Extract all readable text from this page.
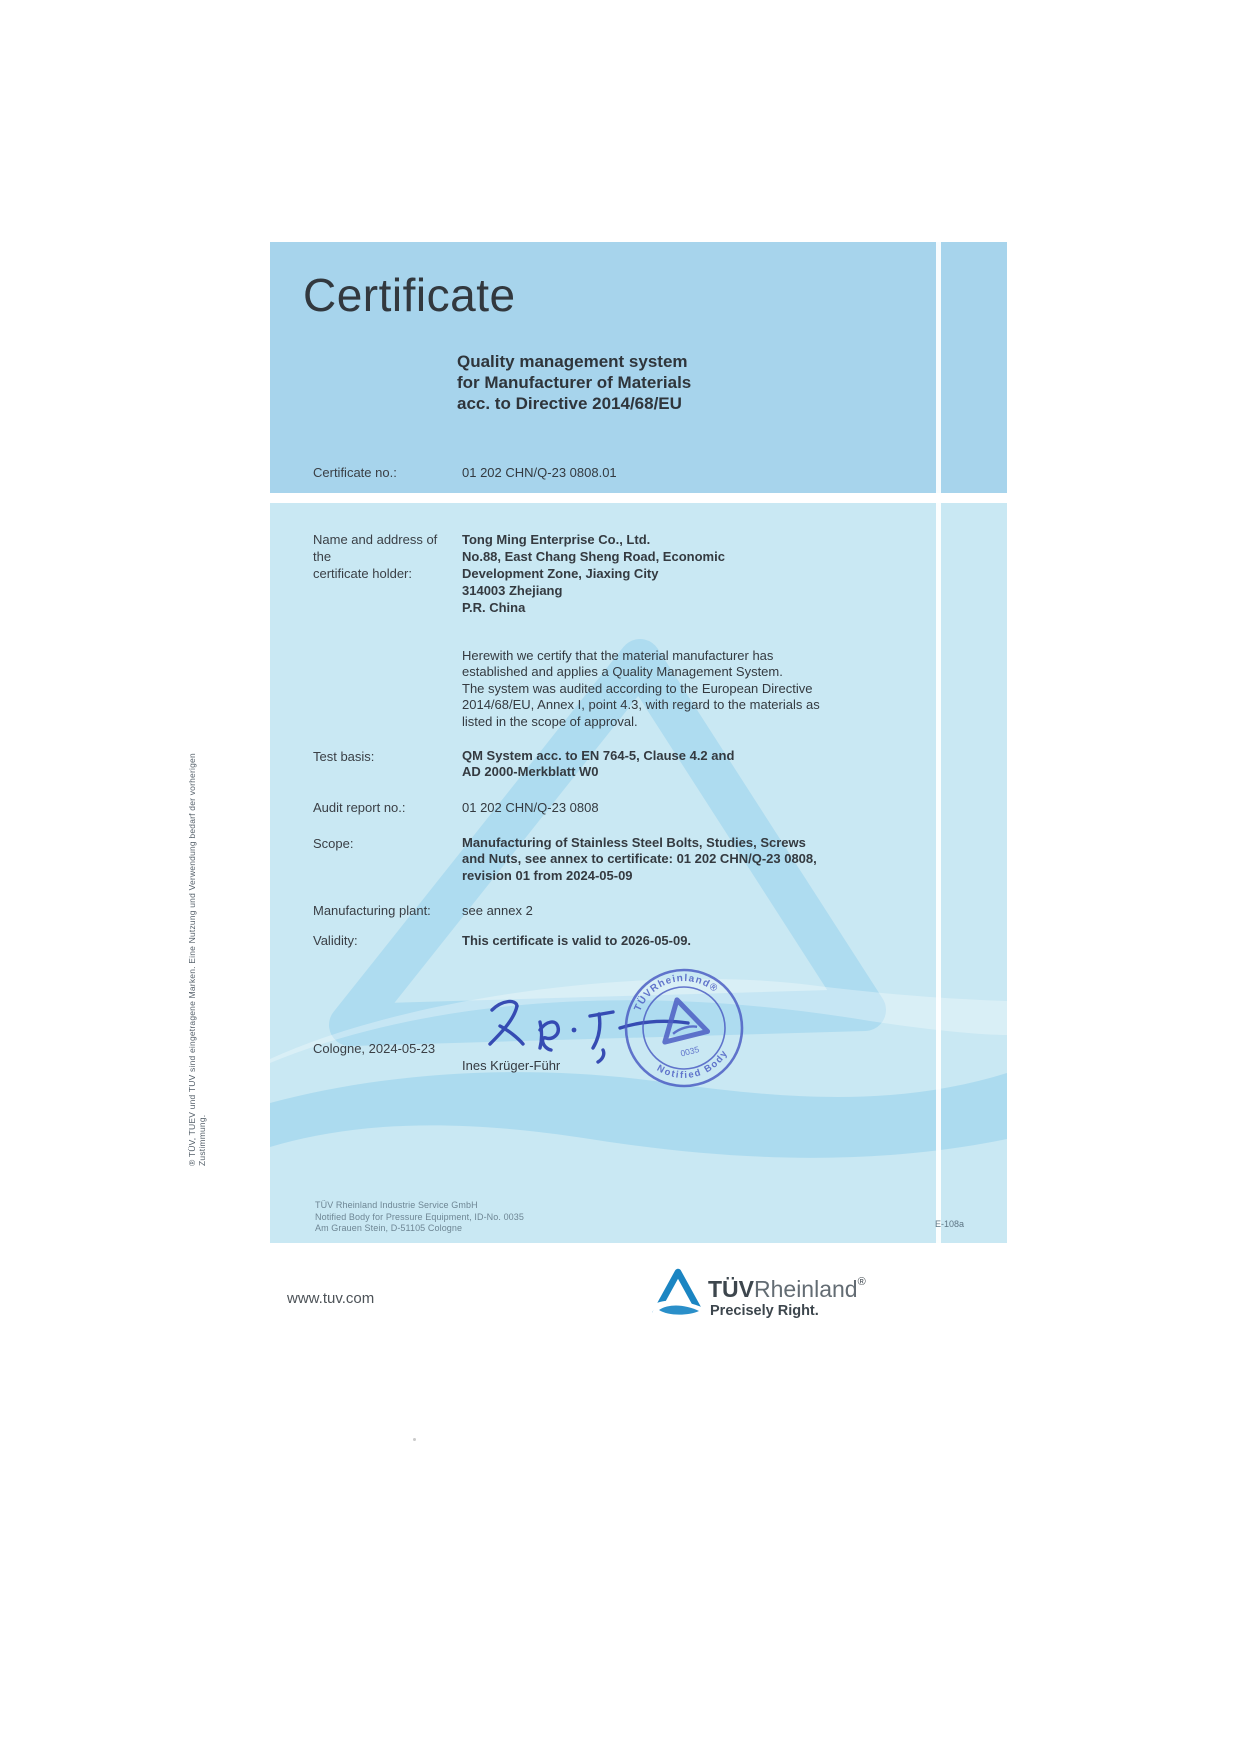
Certificate
Quality management system
for Manufacturer of Materials
acc. to Directive 2014/68/EU
Certificate no.:	01 202 CHN/Q-23 0808.01
Name and address of the
certificate holder:
Tong Ming Enterprise Co., Ltd.
No.88, East Chang Sheng Road, Economic
Development Zone, Jiaxing City
314003 Zhejiang
P.R. China
Herewith we certify that the material manufacturer has
established and applies a Quality Management System.
The system was audited according to the European Directive
2014/68/EU, Annex I, point 4.3, with regard to the materials as
listed in the scope of approval.
Test basis:	QM System acc. to EN 764-5, Clause 4.2 and
AD 2000-Merkblatt W0
Audit report no.:	01 202 CHN/Q-23 0808
Scope:	Manufacturing of Stainless Steel Bolts, Studies, Screws
and Nuts, see annex to certificate: 01 202 CHN/Q-23 0808,
revision 01 from 2024-05-09
Manufacturing plant:	see annex 2
Validity:	This certificate is valid to 2026-05-09.
TÜVRheinland®
Notified Body
0035
Cologne, 2024-05-23
Ines Krüger-Führ
TÜV Rheinland Industrie Service GmbH
Notified Body for Pressure Equipment, ID-No. 0035
Am Grauen Stein, D-51105 Cologne	E-108a
® TÜV, TUEV und TUV sind eingetragene Marken. Eine Nutzung und Verwendung bedarf der vorherigen Zustimmung.
www.tuv.com	TÜVRheinland®
Precisely Right.
